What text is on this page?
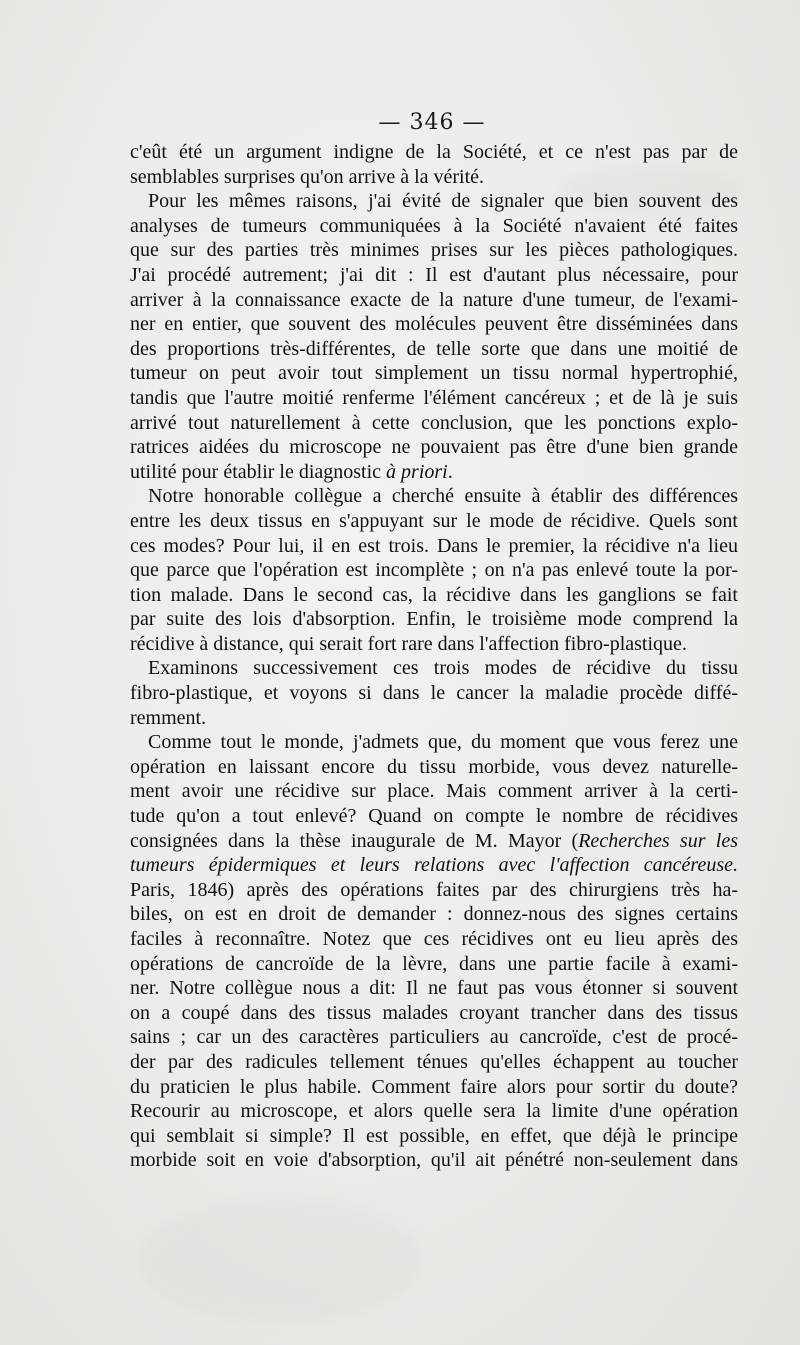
— 346 —

c'eût été un argument indigne de la Société, et ce n'est pas par de

semblables surprises qu'on arrive à la vérité.

Pour les mêmes raisons, j'ai évité de signaler que bien souvent des

analyses de tumeurs communiquées à la Société n'avaient été faites

que sur des parties très minimes prises sur les pièces pathologiques.

J'ai procédé autrement; j'ai dit : Il est d'autant plus nécessaire, pour

arriver à la connaissance exacte de la nature d'une tumeur, de l'exami-

ner en entier, que souvent des molécules peuvent être disséminées dans

des proportions très-différentes, de telle sorte que dans une moitié de

tumeur on peut avoir tout simplement un tissu normal hypertrophié,

tandis que l'autre moitié renferme l'élément cancéreux ; et de là je suis

arrivé tout naturellement à cette conclusion, que les ponctions explo-

ratrices aidées du microscope ne pouvaient pas être d'une bien grande

utilité pour établir le diagnostic à priori.

Notre honorable collègue a cherché ensuite à établir des différences

entre les deux tissus en s'appuyant sur le mode de récidive. Quels sont

ces modes? Pour lui, il en est trois. Dans le premier, la récidive n'a lieu

que parce que l'opération est incomplète ; on n'a pas enlevé toute la por-

tion malade. Dans le second cas, la récidive dans les ganglions se fait

par suite des lois d'absorption. Enfin, le troisième mode comprend la

récidive à distance, qui serait fort rare dans l'affection fibro-plastique.

Examinons successivement ces trois modes de récidive du tissu

fibro-plastique, et voyons si dans le cancer la maladie procède diffé-

remment.

Comme tout le monde, j'admets que, du moment que vous ferez une

opération en laissant encore du tissu morbide, vous devez naturelle-

ment avoir une récidive sur place. Mais comment arriver à la certi-

tude qu'on a tout enlevé? Quand on compte le nombre de récidives

consignées dans la thèse inaugurale de M. Mayor (Recherches sur les

tumeurs épidermiques et leurs relations avec l'affection cancéreuse.

Paris, 1846) après des opérations faites par des chirurgiens très ha-

biles, on est en droit de demander : donnez-nous des signes certains

faciles à reconnaître. Notez que ces récidives ont eu lieu après des

opérations de cancroïde de la lèvre, dans une partie facile à exami-

ner. Notre collègue nous a dit: Il ne faut pas vous étonner si souvent

on a coupé dans des tissus malades croyant trancher dans des tissus

sains ; car un des caractères particuliers au cancroïde, c'est de procé-

der par des radicules tellement ténues qu'elles échappent au toucher

du praticien le plus habile. Comment faire alors pour sortir du doute?

Recourir au microscope, et alors quelle sera la limite d'une opération

qui semblait si simple? Il est possible, en effet, que déjà le principe

morbide soit en voie d'absorption, qu'il ait pénétré non-seulement dans
